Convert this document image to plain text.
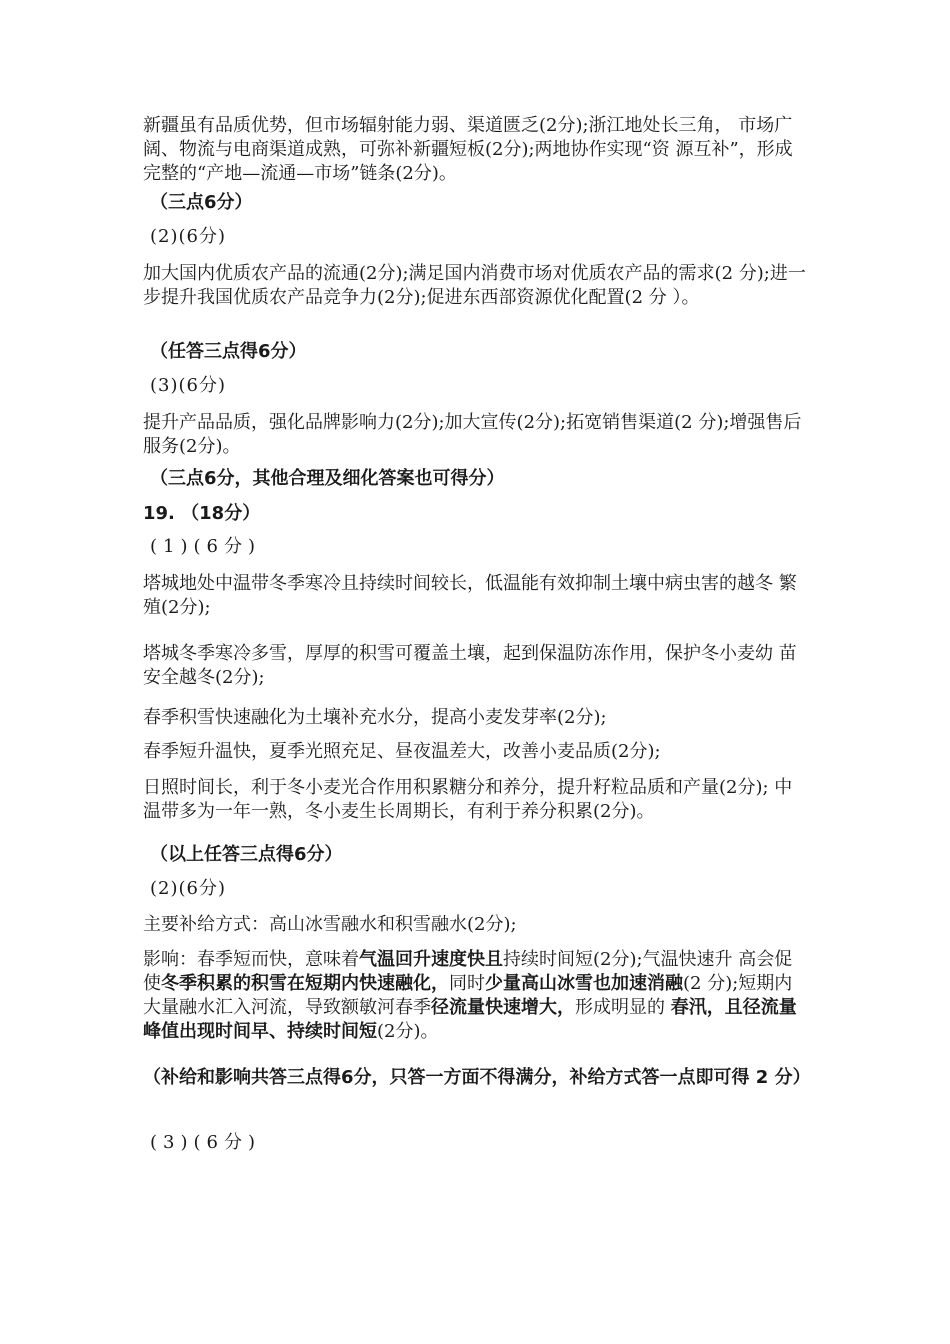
新疆虽有品质优势，但市场辐射能力弱、渠道匮乏(2分);浙江地处长三角， 市场广阔、物流与电商渠道成熟，可弥补新疆短板(2分);两地协作实现“资 源互补”，形成完整的“产地—流通—市场”链条(2分)。

（三点6分）

(2)(6分)

加大国内优质农产品的流通(2分);满足国内消费市场对优质农产品的需求(2 分);进一步提升我国优质农产品竞争力(2分);促进东西部资源优化配置(2 分 ）。

（任答三点得6分）

(3)(6分)

提升产品品质，强化品牌影响力(2分);加大宣传(2分);拓宽销售渠道(2 分);增强售后服务(2分)。

（三点6分，其他合理及细化答案也可得分）

19. （18分）

(1)(6分)

塔城地处中温带冬季寒冷且持续时间较长，低温能有效抑制土壤中病虫害的越冬 繁殖(2分);

塔城冬季寒冷多雪，厚厚的积雪可覆盖土壤，起到保温防冻作用，保护冬小麦幼 苗安全越冬(2分);

春季积雪快速融化为土壤补充水分，提高小麦发芽率(2分);

春季短升温快，夏季光照充足、昼夜温差大，改善小麦品质(2分);

日照时间长，利于冬小麦光合作用积累糖分和养分，提升籽粒品质和产量(2分); 中温带多为一年一熟，冬小麦生长周期长，有利于养分积累(2分)。

（以上任答三点得6分）

(2)(6分)

主要补给方式：高山冰雪融水和积雪融水(2分);

影响：春季短而快，意味着气温回升速度快且持续时间短(2分);气温快速升 高会促使冬季积累的积雪在短期内快速融化，同时少量高山冰雪也加速消融(2 分);短期内大量融水汇入河流，导致额敏河春季径流量快速增大，形成明显的 春汛，且径流量峰值出现时间早、持续时间短(2分)。

（补给和影响共答三点得6分，只答一方面不得满分，补给方式答一点即可得 2 分）

(3)(6分)
